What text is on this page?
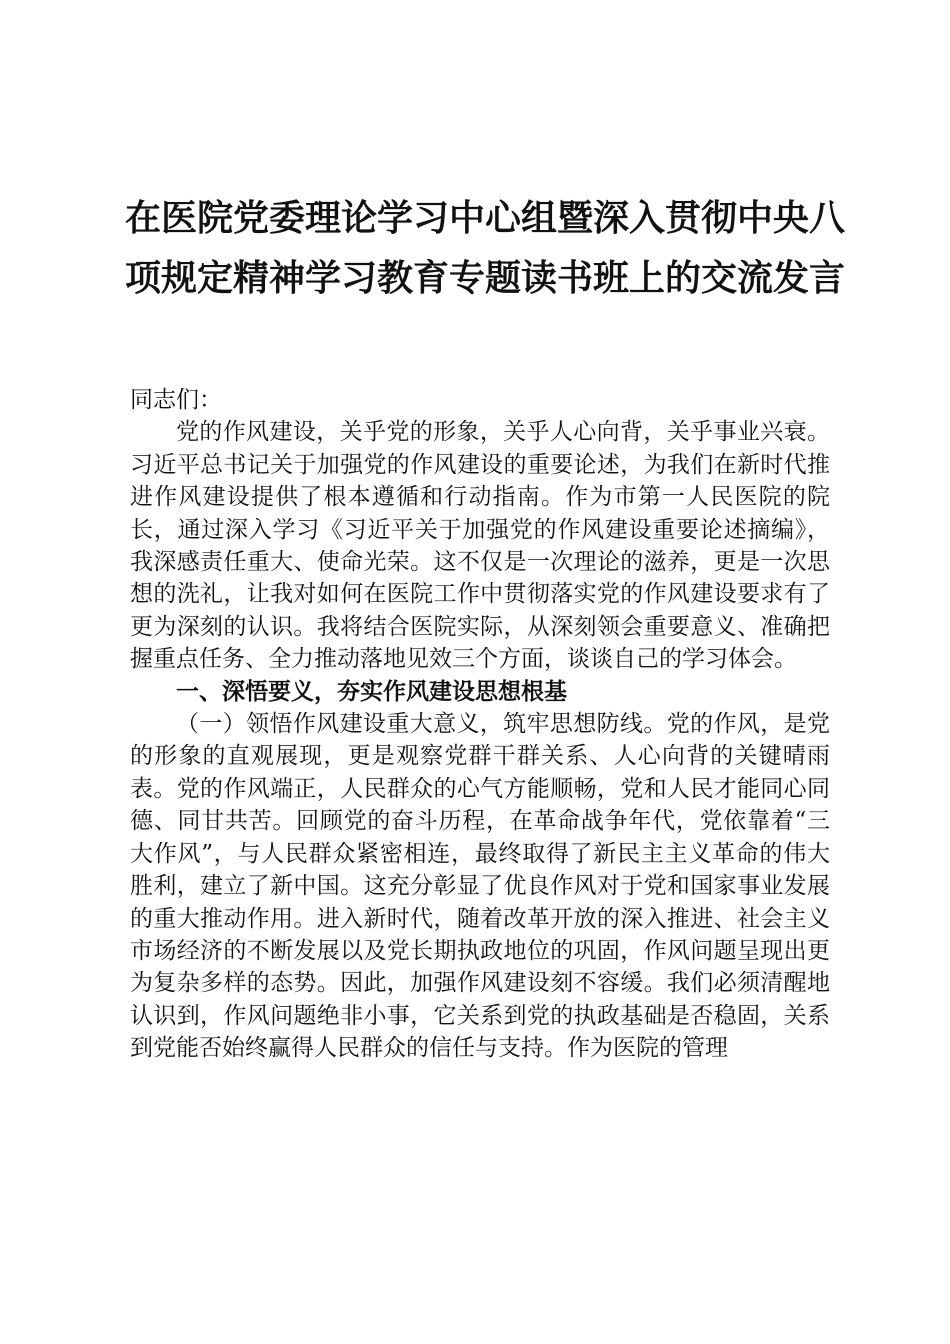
在医院党委理论学习中心组暨深入贯彻中央八
项规定精神学习教育专题读书班上的交流发言

同志们：

党的作风建设，关乎党的形象，关乎人心向背，关乎事业兴衰。习近平总书记关于加强党的作风建设的重要论述，为我们在新时代推进作风建设提供了根本遵循和行动指南。作为市第一人民医院的院长，通过深入学习《习近平关于加强党的作风建设重要论述摘编》，我深感责任重大、使命光荣。这不仅是一次理论的滋养，更是一次思想的洗礼，让我对如何在医院工作中贯彻落实党的作风建设要求有了更为深刻的认识。我将结合医院实际，从深刻领会重要意义、准确把握重点任务、全力推动落地见效三个方面，谈谈自己的学习体会。

一、深悟要义，夯实作风建设思想根基

（一）领悟作风建设重大意义，筑牢思想防线。党的作风，是党的形象的直观展现，更是观察党群干群关系、人心向背的关键晴雨表。党的作风端正，人民群众的心气方能顺畅，党和人民才能同心同德、同甘共苦。回顾党的奋斗历程，在革命战争年代，党依靠着“三大作风”，与人民群众紧密相连，最终取得了新民主主义革命的伟大胜利，建立了新中国。这充分彰显了优良作风对于党和国家事业发展的重大推动作用。进入新时代，随着改革开放的深入推进、社会主义市场经济的不断发展以及党长期执政地位的巩固，作风问题呈现出更为复杂多样的态势。因此，加强作风建设刻不容缓。我们必须清醒地认识到，作风问题绝非小事，它关系到党的执政基础是否稳固，关系到党能否始终赢得人民群众的信任与支持。作为医院的管理
